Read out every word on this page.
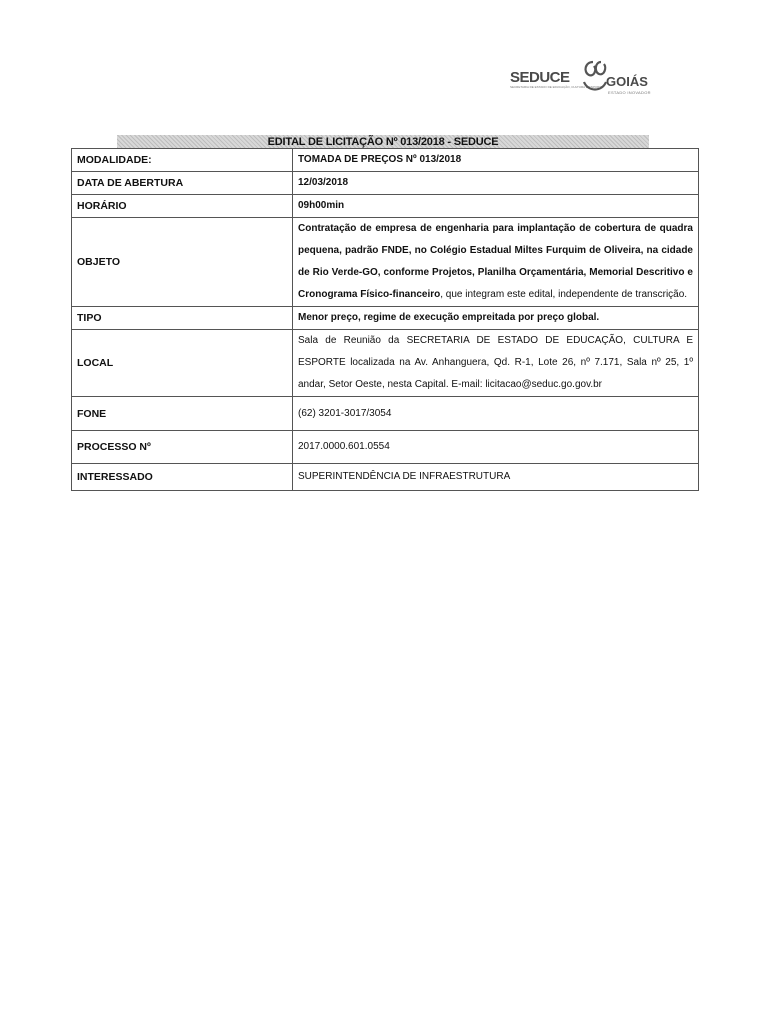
SEDUCE
SECRETARIA DE ESTADO DE EDUCAÇÃO, CULTURA E ESPORTE GOIÁS
ESTADO INOVADOR
EDITAL DE LICITAÇÃO Nº 013/2018 - SEDUCE
MODALIDADE:	TOMADA DE PREÇOS Nº 013/2018
DATA DE ABERTURA	12/03/2018
HORÁRIO	09h00min
OBJETO	Contratação de empresa de engenharia para implantação de cobertura de quadra pequena, padrão FNDE, no Colégio Estadual Miltes Furquim de Oliveira, na cidade de Rio Verde-GO, conforme Projetos, Planilha Orçamentária, Memorial Descritivo e Cronograma Físico-financeiro, que integram este edital, independente de transcrição.
TIPO	Menor preço, regime de execução empreitada por preço global.
LOCAL	Sala de Reunião da SECRETARIA DE ESTADO DE EDUCAÇÃO, CULTURA E ESPORTE localizada na Av. Anhanguera, Qd. R-1, Lote 26, nº 7.171, Sala nº 25, 1º andar, Setor Oeste, nesta Capital. E-mail: licitacao@seduc.go.gov.br
FONE	(62) 3201-3017/3054
PROCESSO Nº	2017.0000.601.0554
INTERESSADO	SUPERINTENDÊNCIA DE INFRAESTRUTURA
